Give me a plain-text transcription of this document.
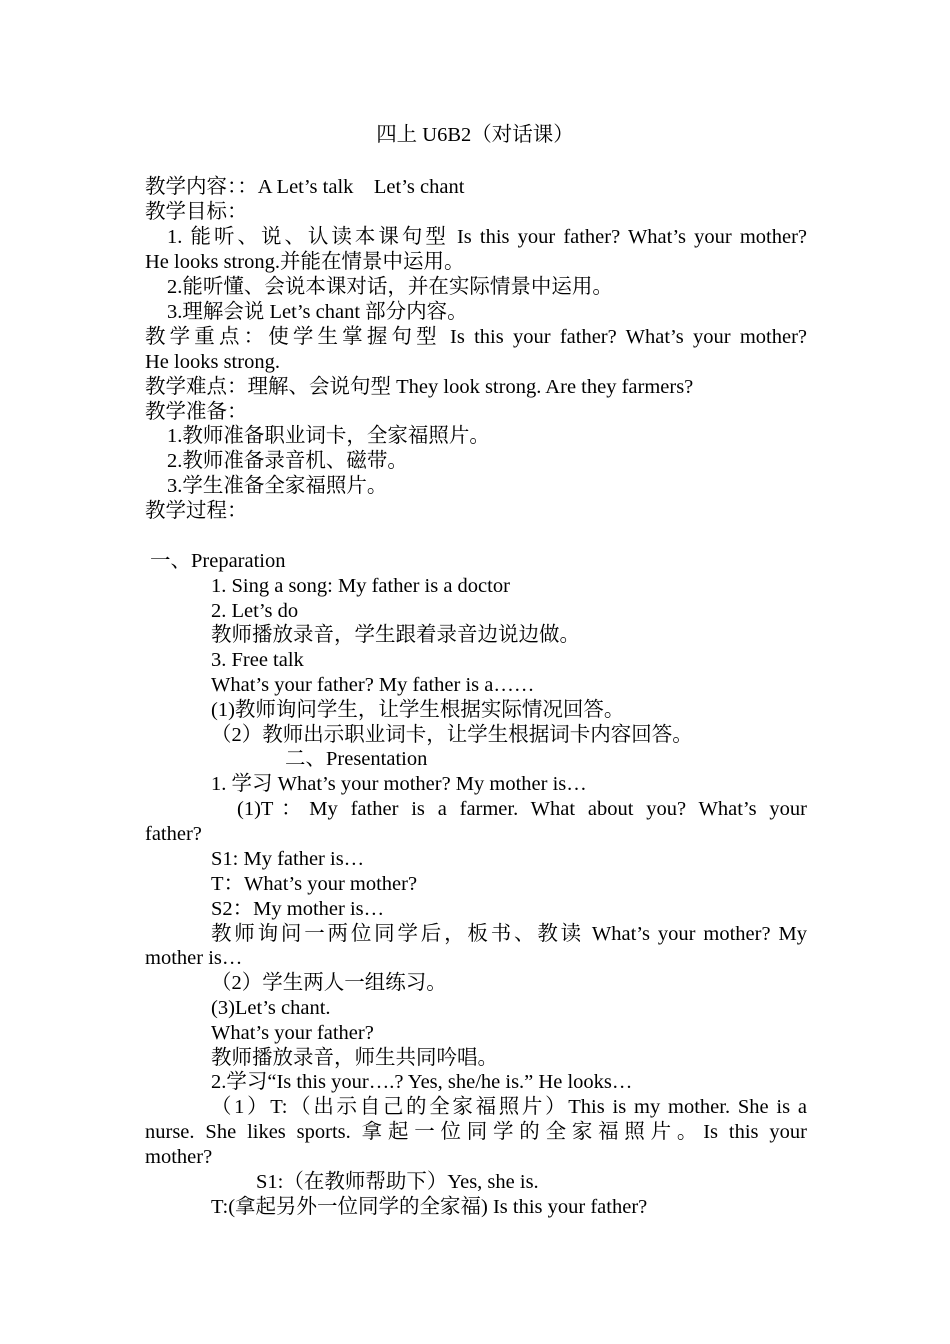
四上 U6B2（对话课）
教学内容：：A Let’s talk　Let’s chant
教学目标：
1. 能听、说、认读本课句型 Is this your father? What’s your mother?
He looks strong.并能在情景中运用。
2.能听懂、会说本课对话，并在实际情景中运用。
3.理解会说 Let’s chant 部分内容。
教学重点：使学生掌握句型 Is this your father? What’s your mother?
He looks strong.
教学难点：理解、会说句型 They look strong. Are they farmers?
教学准备：
1.教师准备职业词卡，全家福照片。
2.教师准备录音机、磁带。
3.学生准备全家福照片。
教学过程：
一、Preparation
1. Sing a song: My father is a doctor
2. Let’s do
教师播放录音，学生跟着录音边说边做。
3. Free talk
What’s your father? My father is a……
(1)教师询问学生，让学生根据实际情况回答。
（2）教师出示职业词卡，让学生根据词卡内容回答。
二、Presentation
1. 学习 What’s your mother? My mother is…
(1)T：My father is a farmer. What about you? What’s your
father?
S1: My father is…
T：What’s your mother?
S2：My mother is…
教师询问一两位同学后，板书、教读 What’s your mother? My
mother is…
（2）学生两人一组练习。
(3)Let’s chant.
What’s your father?
教师播放录音，师生共同吟唱。
2.学习“Is this your….? Yes, she/he is.” He looks…
（1）T:（出示自己的全家福照片）This is my mother. She is a
nurse. She likes sports. 拿起一位同学的全家福照片。Is this your
mother?
S1:（在教师帮助下）Yes, she is.
T:(拿起另外一位同学的全家福) Is this your father?
